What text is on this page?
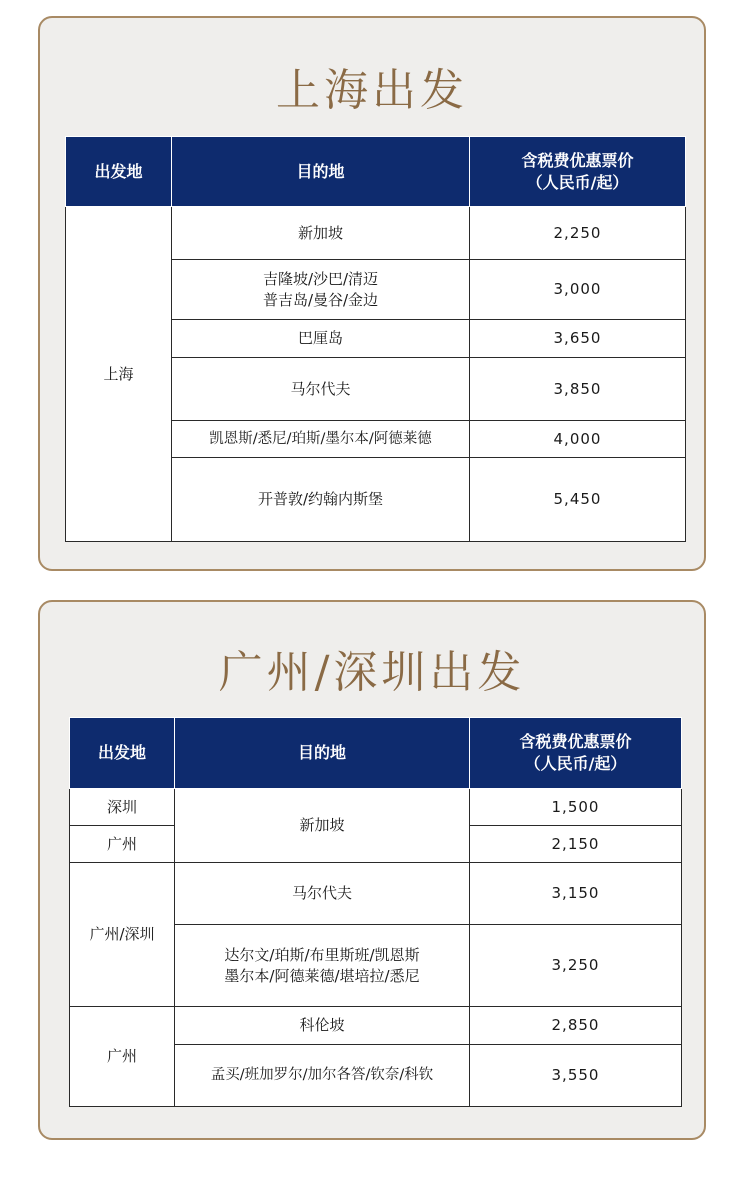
上海出发
出发地	目的地	含税费优惠票价
（人民币/起）
上海	新加坡	2,250
	吉隆坡/沙巴/清迈
普吉岛/曼谷/金边	3,000
	巴厘岛	3,650
	马尔代夫	3,850
	凯恩斯/悉尼/珀斯/墨尔本/阿德莱德	4,000
	开普敦/约翰内斯堡	5,450
广州/深圳出发
出发地	目的地	含税费优惠票价
（人民币/起）
深圳	新加坡	1,500
广州		2,150
广州/深圳	马尔代夫	3,150
	达尔文/珀斯/布里斯班/凯恩斯
墨尔本/阿德莱德/堪培拉/悉尼	3,250
广州	科伦坡	2,850
	孟买/班加罗尔/加尔各答/钦奈/科钦	3,550
